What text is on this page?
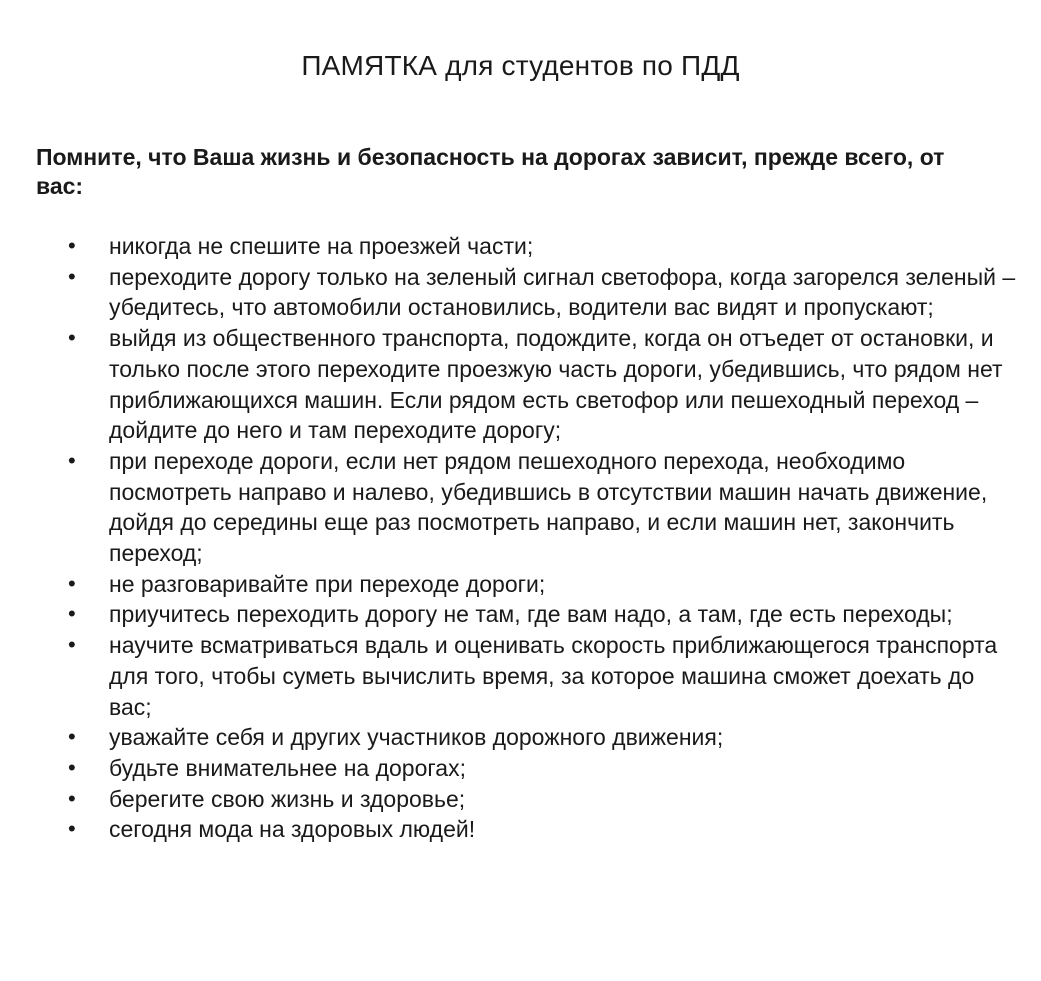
ПАМЯТКА для студентов по ПДД

Помните, что Ваша жизнь и безопасность на дорогах зависит, прежде всего, от вас:

• никогда не спешите на проезжей части;
• переходите дорогу только на зеленый сигнал светофора, когда загорелся зеленый – убедитесь, что автомобили остановились, водители вас видят и пропускают;
• выйдя из общественного транспорта, подождите, когда он отъедет от остановки, и только после этого переходите проезжую часть дороги, убедившись, что рядом нет приближающихся машин. Если рядом есть светофор или пешеходный переход – дойдите до него и там переходите дорогу;
• при переходе дороги, если нет рядом пешеходного перехода, необходимо посмотреть направо и налево, убедившись в отсутствии машин начать движение, дойдя до середины еще раз посмотреть направо, и если машин нет, закончить переход;
• не разговаривайте при переходе дороги;
• приучитесь переходить дорогу не там, где вам надо, а там, где есть переходы;
• научите всматриваться вдаль и оценивать скорость приближающегося транспорта для того, чтобы суметь вычислить время, за которое машина сможет доехать до вас;
• уважайте себя и других участников дорожного движения;
• будьте внимательнее на дорогах;
• берегите свою жизнь и здоровье;
• сегодня мода на здоровых людей!
